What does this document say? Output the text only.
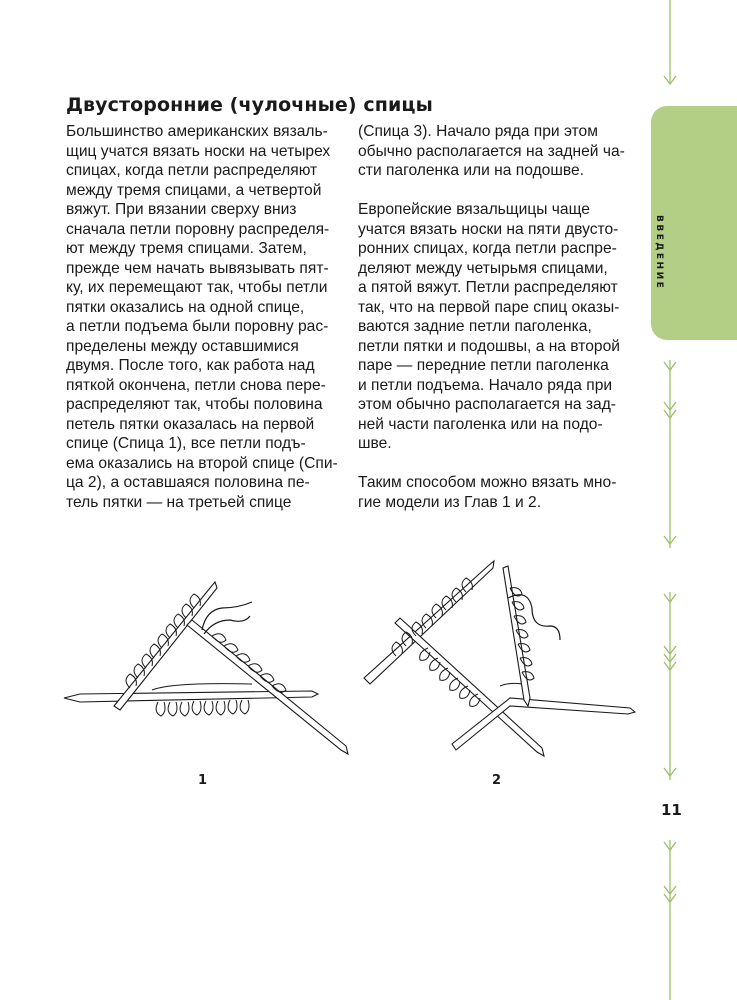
Двусторонние (чулочные) спицы
Большинство американских вязаль-
щиц учатся вязать носки на четырех
спицах, когда петли распределяют
между тремя спицами, а четвертой
вяжут. При вязании сверху вниз
сначала петли поровну распределя-
ют между тремя спицами. Затем,
прежде чем начать вывязывать пят-
ку, их перемещают так, чтобы петли
пятки оказались на одной спице,
а петли подъема были поровну рас-
пределены между оставшимися
двумя. После того, как работа над
пяткой окончена, петли снова пере-
распределяют так, чтобы половина
петель пятки оказалась на первой
спице (Спица 1), все петли подъ-
ема оказались на второй спице (Спи-
ца 2), а оставшаяся половина пе-
тель пятки — на третьей спице
(Спица 3). Начало ряда при этом
обычно располагается на задней ча-
сти паголенка или на подошве.
Европейские вязальщицы чаще
учатся вязать носки на пяти двусто-
ронних спицах, когда петли распре-
деляют между четырьмя спицами,
а пятой вяжут. Петли распределяют
так, что на первой паре спиц оказы-
ваются задние петли паголенка,
петли пятки и подошвы, а на второй
паре — передние петли паголенка
и петли подъема. Начало ряда при
этом обычно располагается на зад-
ней части паголенка или на подо-
шве.
Таким способом можно вязать мно-
гие модели из Глав 1 и 2.
1	2
ВВЕДЕНИЕ
11
